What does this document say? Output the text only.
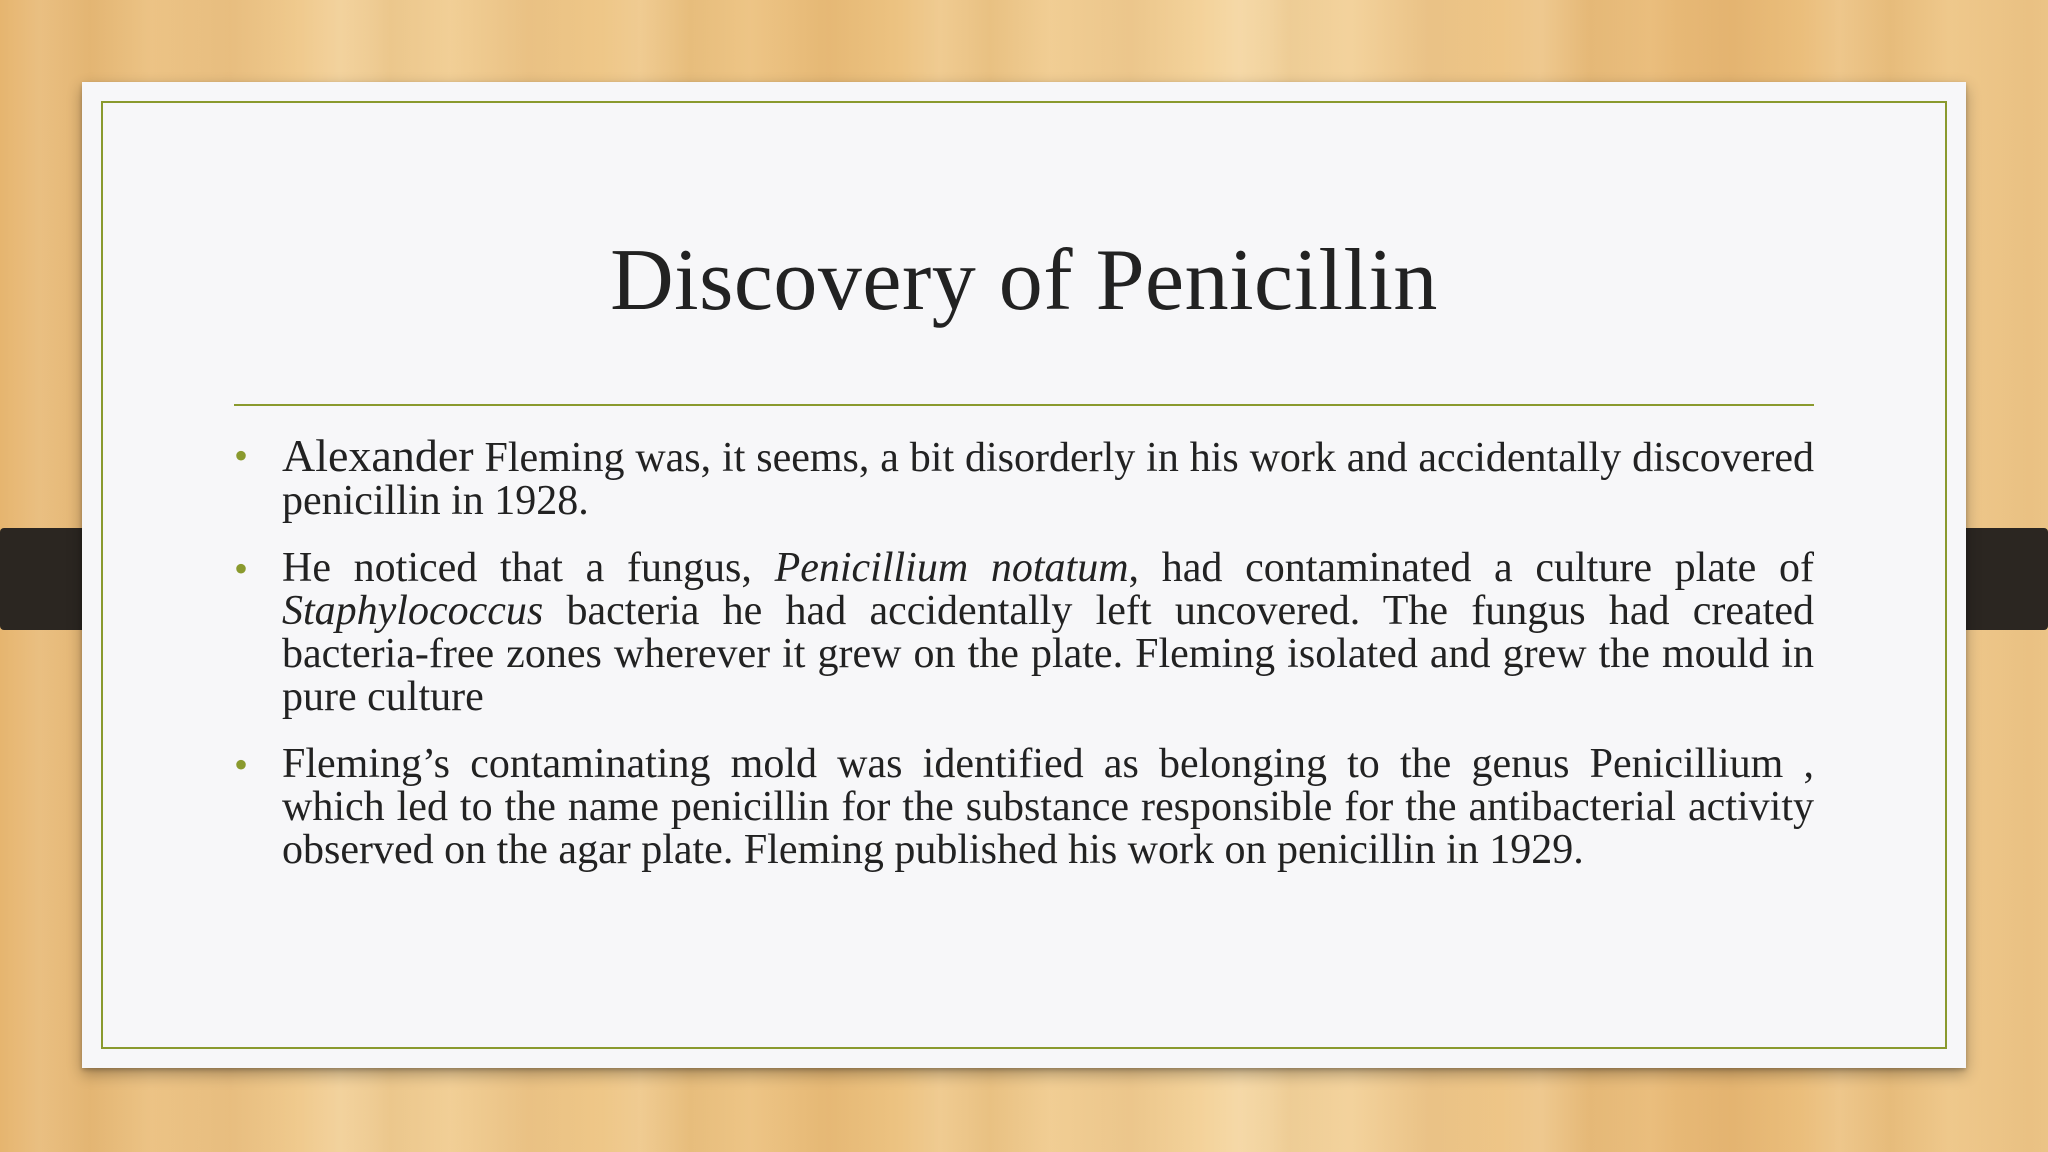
Discovery of Penicillin
• Alexander Fleming was, it seems, a bit disorderly in his work and accidentally discovered penicillin in 1928.
• He noticed that a fungus, Penicillium notatum, had contaminated a culture plate of Staphylococcus bacteria he had accidentally left uncovered. The fungus had created bacteria-free zones wherever it grew on the plate. Fleming isolated and grew the mould in pure culture
• Fleming’s contaminating mold was identified as belonging to the genus Penicillium , which led to the name penicillin for the substance responsible for the antibacterial activity observed on the agar plate. Fleming published his work on penicillin in 1929.
